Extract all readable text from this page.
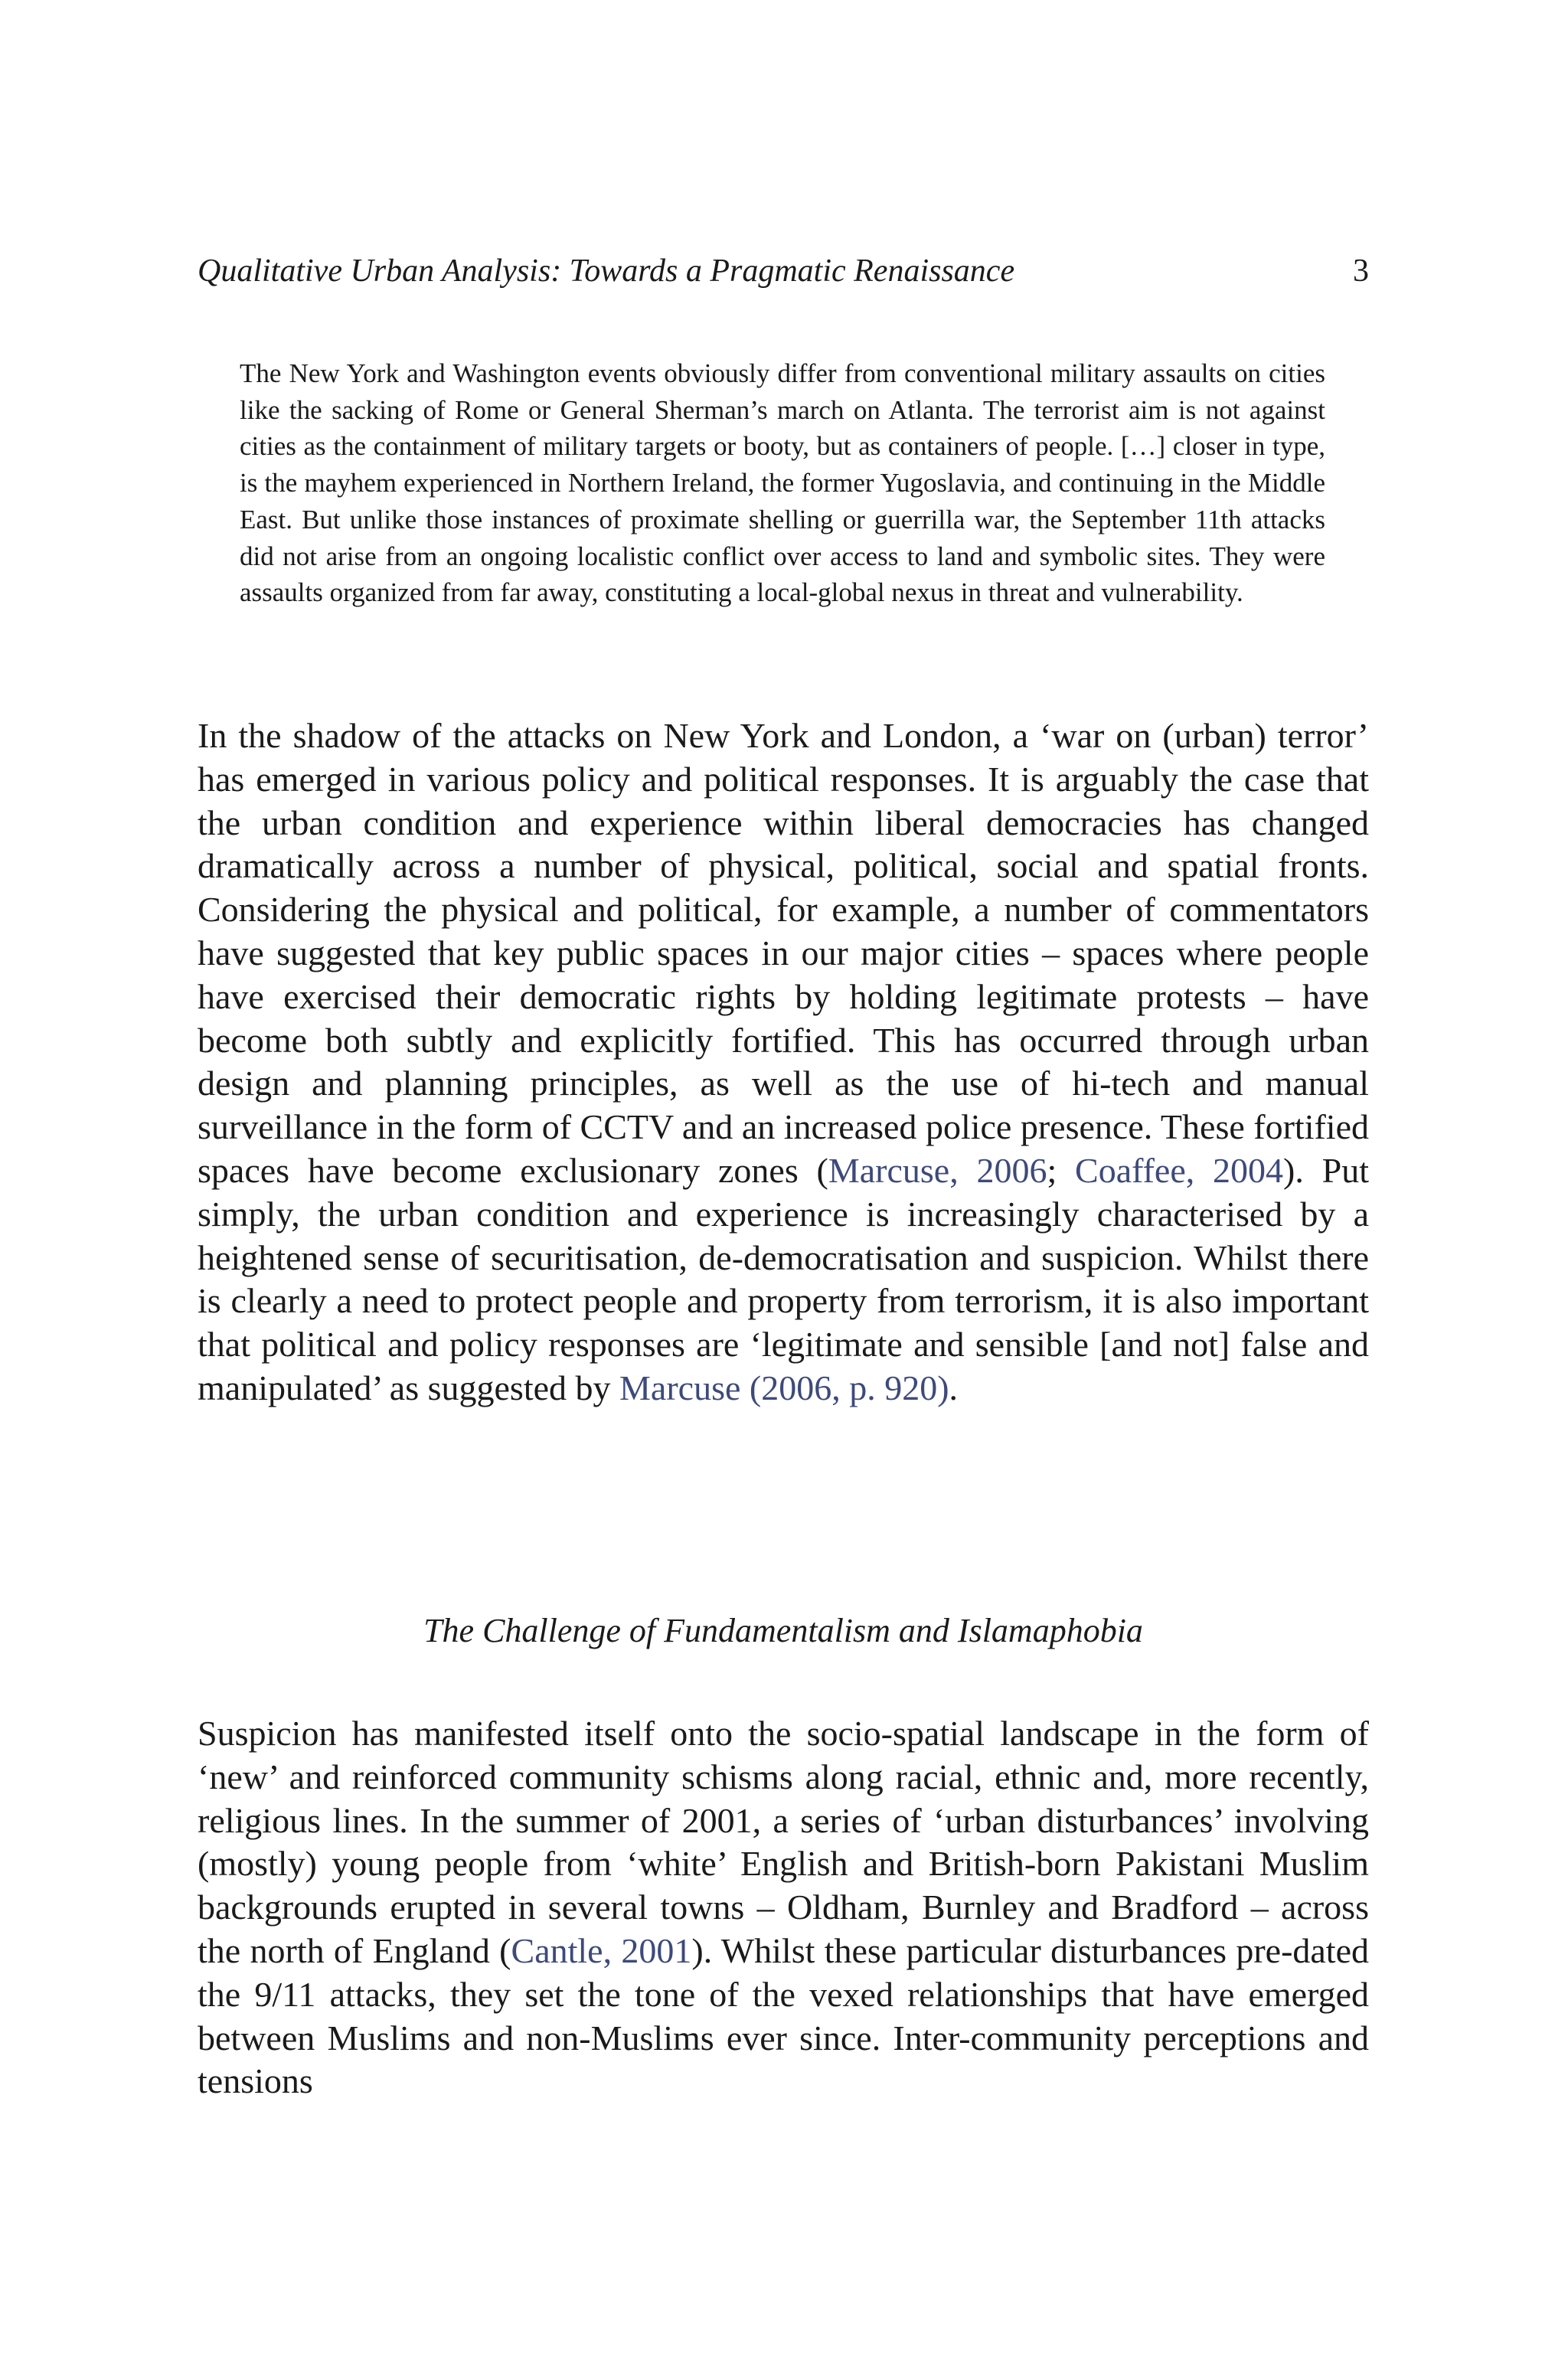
Qualitative Urban Analysis: Towards a Pragmatic Renaissance	3

The New York and Washington events obviously differ from conventional military assaults on cities like the sacking of Rome or General Sherman’s march on Atlanta. The terrorist aim is not against cities as the containment of military targets or booty, but as containers of people. […] closer in type, is the mayhem experienced in Northern Ireland, the former Yugoslavia, and continuing in the Middle East. But unlike those instances of proximate shelling or guerrilla war, the September 11th attacks did not arise from an ongoing localistic conflict over access to land and symbolic sites. They were assaults organized from far away, constituting a local-global nexus in threat and vulnerability.

In the shadow of the attacks on New York and London, a ‘war on (urban) terror’ has emerged in various policy and political responses. It is arguably the case that the urban condition and experience within liberal democracies has changed dramatically across a number of physical, political, social and spatial fronts. Considering the physical and political, for example, a number of commentators have suggested that key public spaces in our major cities – spaces where people have exercised their democratic rights by holding legitimate protests – have become both subtly and explicitly fortified. This has occurred through urban design and planning principles, as well as the use of hi-tech and manual surveillance in the form of CCTV and an increased police presence. These fortified spaces have become exclusionary zones (Marcuse, 2006; Coaffee, 2004). Put simply, the urban condition and experience is increasingly characterised by a heightened sense of securitisation, de-democratisation and suspicion. Whilst there is clearly a need to protect people and property from terrorism, it is also important that political and policy responses are ‘legitimate and sensible [and not] false and manipulated’ as suggested by Marcuse (2006, p. 920).

The Challenge of Fundamentalism and Islamaphobia

Suspicion has manifested itself onto the socio-spatial landscape in the form of ‘new’ and reinforced community schisms along racial, ethnic and, more recently, religious lines. In the summer of 2001, a series of ‘urban disturbances’ involving (mostly) young people from ‘white’ English and British-born Pakistani Muslim backgrounds erupted in several towns – Oldham, Burnley and Bradford – across the north of England (Cantle, 2001). Whilst these particular disturbances pre-dated the 9/11 attacks, they set the tone of the vexed relationships that have emerged between Muslims and non-Muslims ever since. Inter-community perceptions and tensions
